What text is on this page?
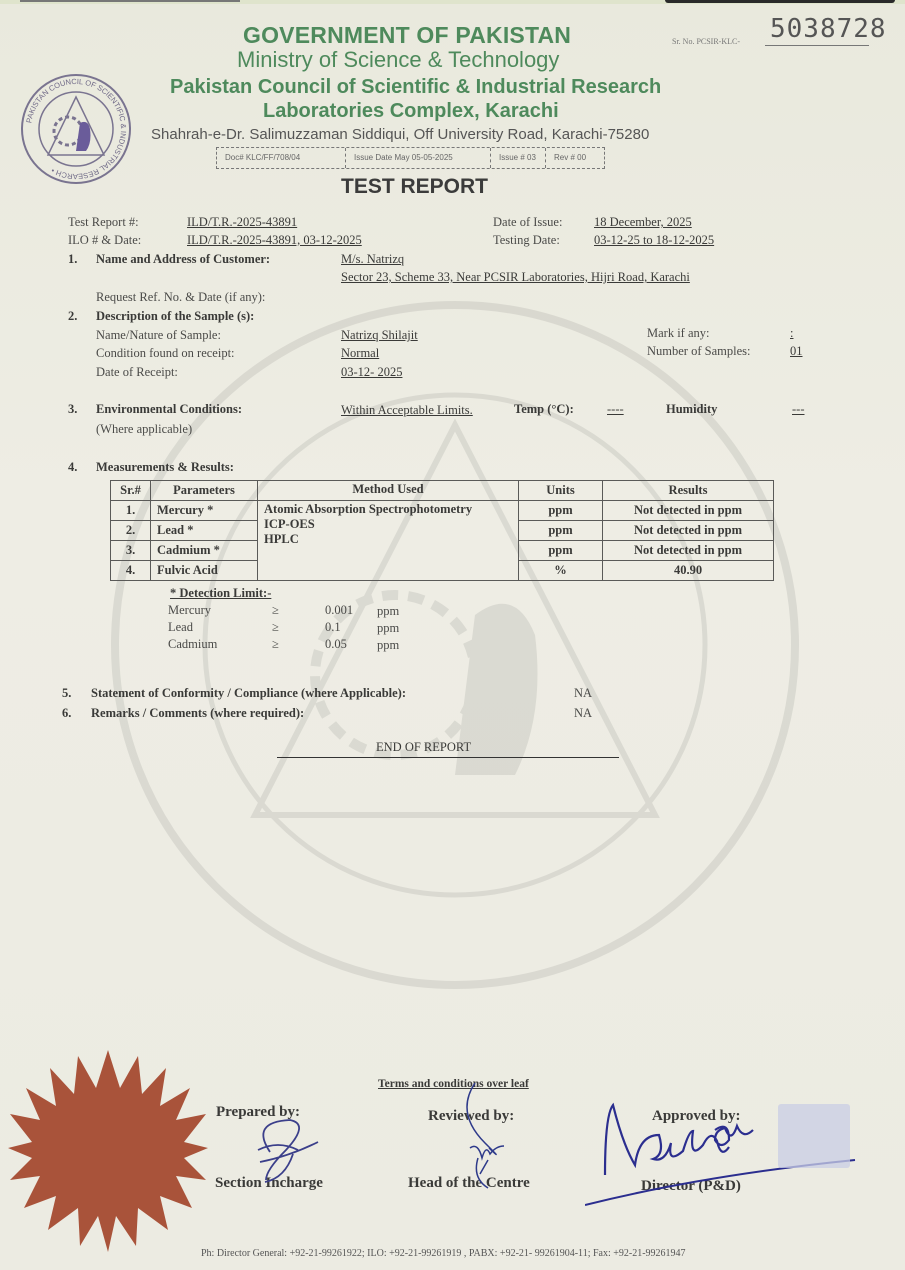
PAKISTAN COUNCIL OF SCIENTIFIC & INDUSTRIAL RESEARCH •
GOVERNMENT OF PAKISTAN
Ministry of Science & Technology
Pakistan Council of Scientific & Industrial Research
Laboratories Complex, Karachi
Shahrah-e-Dr. Salimuzzaman Siddiqui, Off University Road, Karachi-75280
Sr. No. PCSIR-KLC- 5038728
Doc# KLC/FF/708/04	Issue Date May 05-05-2025	Issue # 03	Rev # 00
TEST REPORT
Test Report #:	ILD/T.R.-2025-43891
ILO # & Date:	ILD/T.R.-2025-43891, 03-12-2025
Date of Issue:	18 December, 2025
Testing Date:	03-12-25 to 18-12-2025
1. Name and Address of Customer:	M/s. Natrizq
Sector 23, Scheme 33, Near PCSIR Laboratories, Hijri Road, Karachi
Request Ref. No. & Date (if any):
2. Description of the Sample (s):
Name/Nature of Sample:	Natrizq Shilajit
Condition found on receipt:	Normal
Date of Receipt:	03-12- 2025
Mark if any:	:
Number of Samples:	01
3. Environmental Conditions:
(Where applicable)
Within Acceptable Limits.	Temp (°C):	----	Humidity	---
4. Measurements & Results:
Sr.#	Parameters	Method Used	Units	Results
1.	Mercury *	Atomic Absorption Spectrophotometry
ICP-OES
HPLC	ppm	Not detected in ppm
2.	Lead *		ppm	Not detected in ppm
3.	Cadmium *		ppm	Not detected in ppm
4.	Fulvic Acid		%	40.90
* Detection Limit:-
Mercury	≥	0.001 ppm
Lead	≥	0.1	ppm
Cadmium	≥	0.05 ppm
5. Statement of Conformity / Compliance (where Applicable):	NA
6. Remarks / Comments (where required):	NA
END OF REPORT
Terms and conditions over leaf
Prepared by:
Section Incharge
Reviewed by:
Head of the Centre
Approved by:
Director (P&D)
Ph: Director General: +92-21-99261922; ILO: +92-21-99261919 , PABX: +92-21- 99261904-11; Fax: +92-21-99261947
